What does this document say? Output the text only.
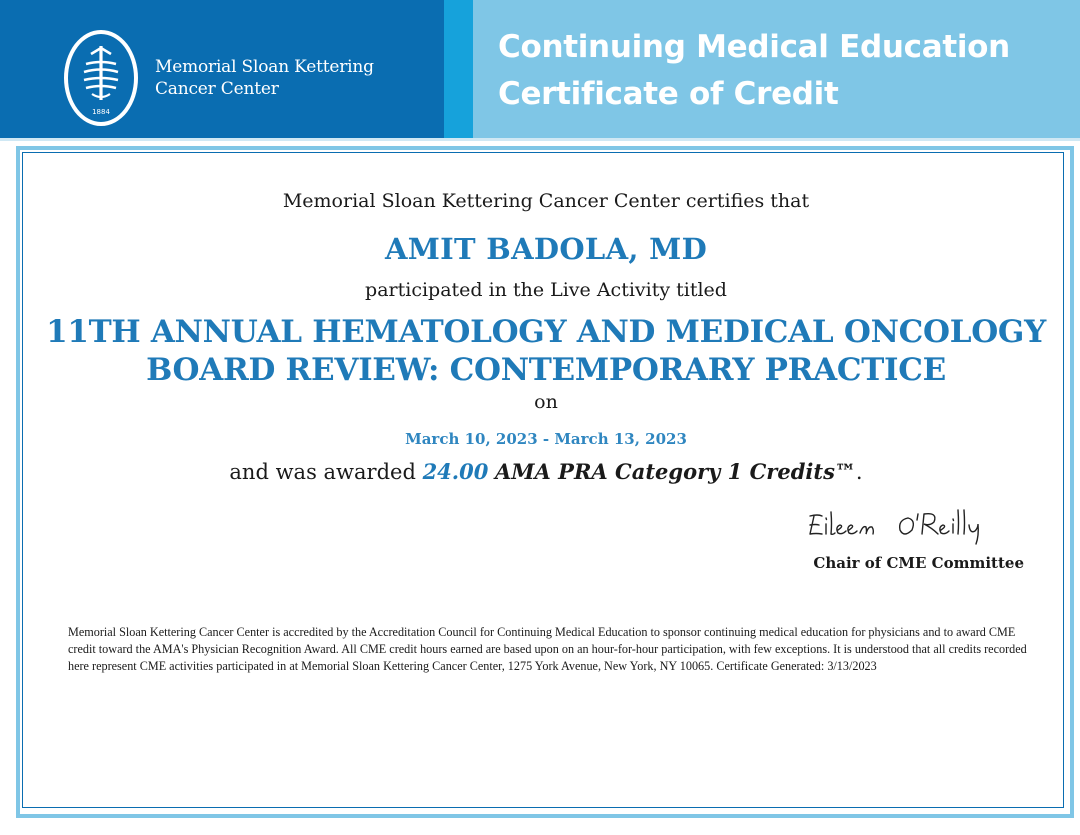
1884
Memorial Sloan Kettering
Cancer Center
Continuing Medical Education
Certificate of Credit
Memorial Sloan Kettering Cancer Center certifies that
AMIT BADOLA, MD
participated in the Live Activity titled
11TH ANNUAL HEMATOLOGY AND MEDICAL ONCOLOGY
BOARD REVIEW: CONTEMPORARY PRACTICE
on
March 10, 2023 - March 13, 2023
and was awarded 24.00 AMA PRA Category 1 Credits™.
Chair of CME Committee
Memorial Sloan Kettering Cancer Center is accredited by the Accreditation Council for Continuing Medical Education to sponsor continuing medical education for physicians and to award CME credit toward the AMA's Physician Recognition Award. All CME credit hours earned are based upon on an hour-for-hour participation, with few exceptions. It is understood that all credits recorded here represent CME activities participated in at Memorial Sloan Kettering Cancer Center, 1275 York Avenue, New York, NY 10065. Certificate Generated: 3/13/2023
